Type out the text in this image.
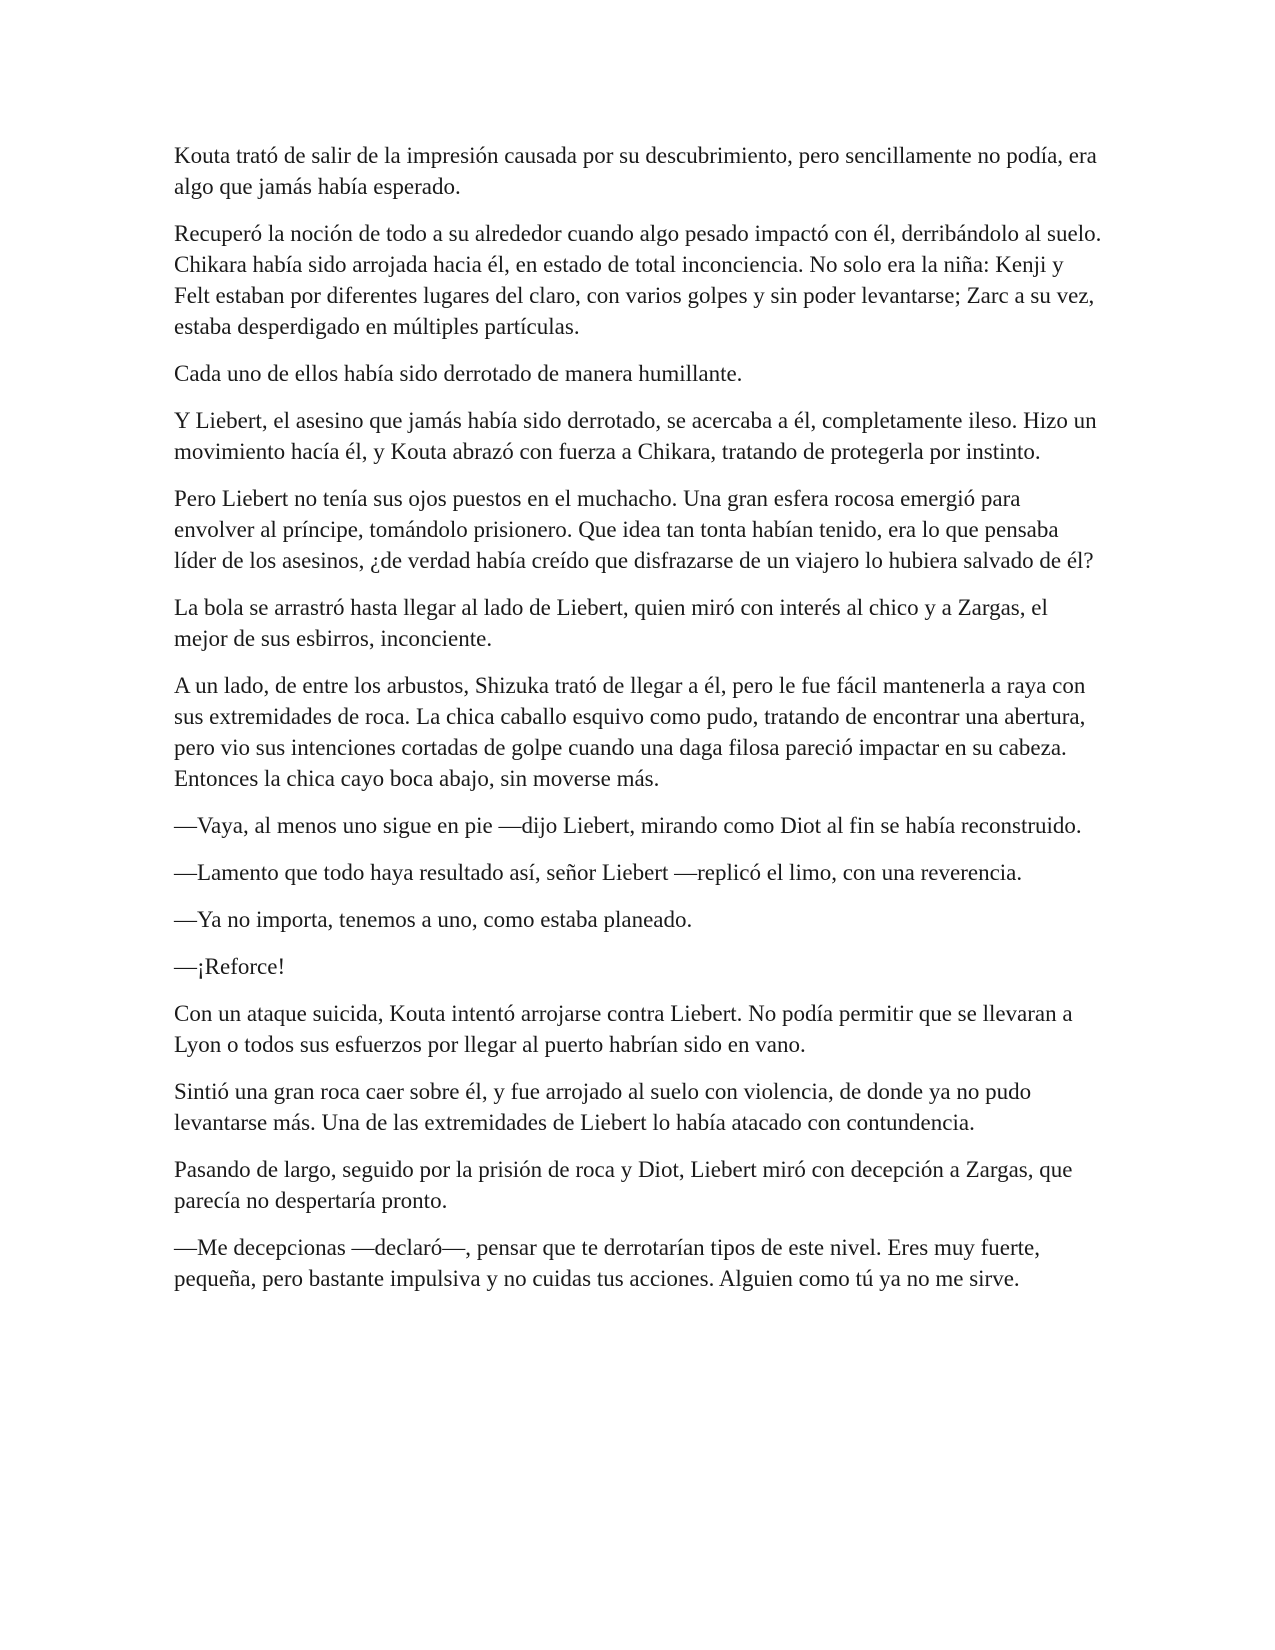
Kouta trató de salir de la impresión causada por su descubrimiento, pero sencillamente no podía, era algo que jamás había esperado.

Recuperó la noción de todo a su alrededor cuando algo pesado impactó con él, derribándolo al suelo. Chikara había sido arrojada hacia él, en estado de total inconciencia. No solo era la niña: Kenji y Felt estaban por diferentes lugares del claro, con varios golpes y sin poder levantarse; Zarc a su vez, estaba desperdigado en múltiples partículas.

Cada uno de ellos había sido derrotado de manera humillante.

Y Liebert, el asesino que jamás había sido derrotado, se acercaba a él, completamente ileso. Hizo un movimiento hacía él, y Kouta abrazó con fuerza a Chikara, tratando de protegerla por instinto.

Pero Liebert no tenía sus ojos puestos en el muchacho. Una gran esfera rocosa emergió para envolver al príncipe, tomándolo prisionero. Que idea tan tonta habían tenido, era lo que pensaba líder de los asesinos, ¿de verdad había creído que disfrazarse de un viajero lo hubiera salvado de él?

La bola se arrastró hasta llegar al lado de Liebert, quien miró con interés al chico y a Zargas, el mejor de sus esbirros, inconciente.

A un lado, de entre los arbustos, Shizuka trató de llegar a él, pero le fue fácil mantenerla a raya con sus extremidades de roca. La chica caballo esquivo como pudo, tratando de encontrar una abertura, pero vio sus intenciones cortadas de golpe cuando una daga filosa pareció impactar en su cabeza. Entonces la chica cayo boca abajo, sin moverse más.

—Vaya, al menos uno sigue en pie —dijo Liebert, mirando como Diot al fin se había reconstruido.

—Lamento que todo haya resultado así, señor Liebert —replicó el limo, con una reverencia.

—Ya no importa, tenemos a uno, como estaba planeado.

—¡Reforce!

Con un ataque suicida, Kouta intentó arrojarse contra Liebert. No podía permitir que se llevaran a Lyon o todos sus esfuerzos por llegar al puerto habrían sido en vano.

Sintió una gran roca caer sobre él, y fue arrojado al suelo con violencia, de donde ya no pudo levantarse más. Una de las extremidades de Liebert lo había atacado con contundencia.

Pasando de largo, seguido por la prisión de roca y Diot, Liebert miró con decepción a Zargas, que parecía no despertaría pronto.

—Me decepcionas —declaró—, pensar que te derrotarían tipos de este nivel. Eres muy fuerte, pequeña, pero bastante impulsiva y no cuidas tus acciones. Alguien como tú ya no me sirve.
